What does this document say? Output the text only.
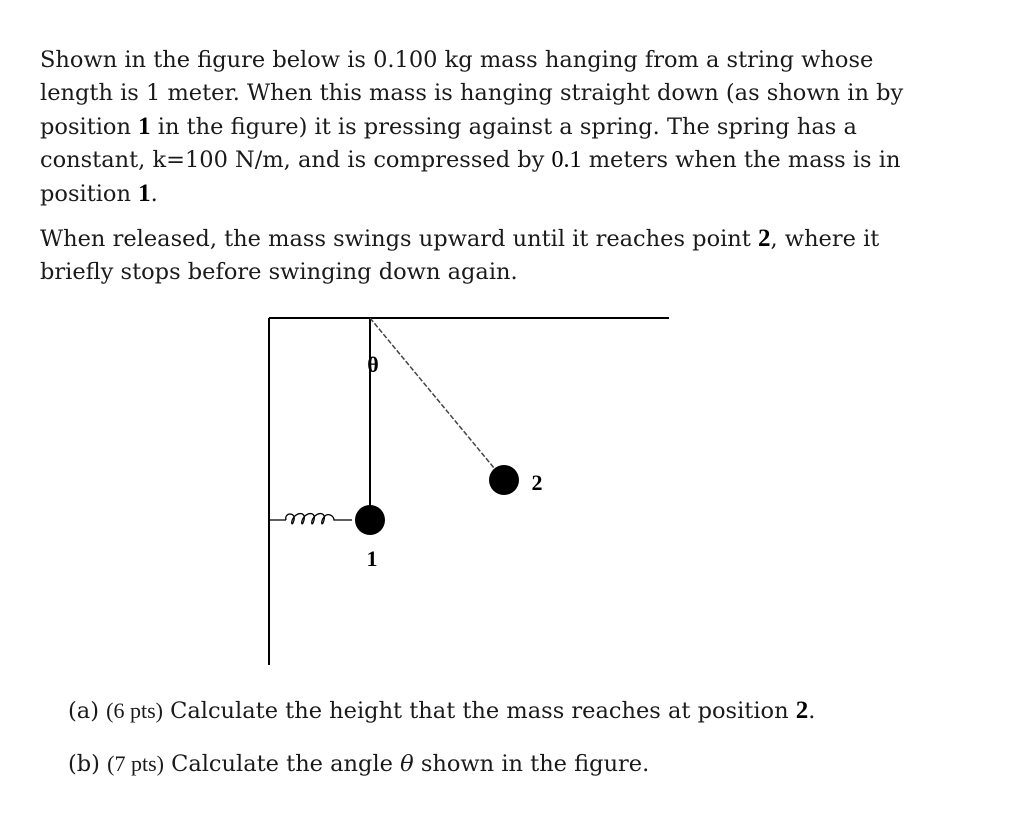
Shown in the figure below is 0.100 kg mass hanging from a string whose length is 1 meter. When this mass is hanging straight down (as shown in by position 1 in the figure) it is pressing against a spring. The spring has a constant, k=100 N/m, and is compressed by 0.1 meters when the mass is in position 1.

When released, the mass swings upward until it reaches point 2, where it briefly stops before swinging down again.

θ
1
2

(a) (6 pts) Calculate the height that the mass reaches at position 2.

(b) (7 pts) Calculate the angle θ shown in the figure.
